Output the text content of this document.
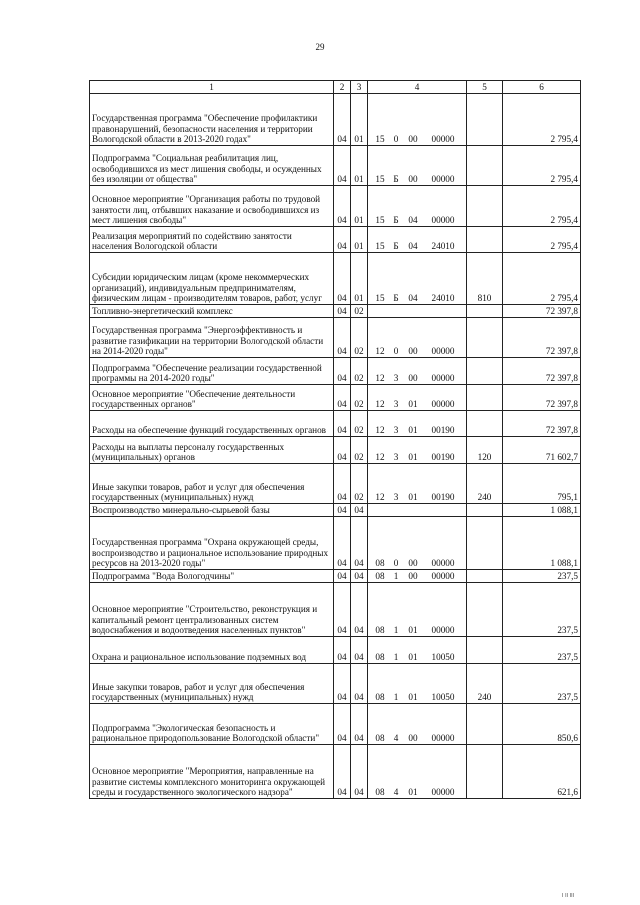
29
1	2	3	4	5	6
Государственная программа "Обеспечение профилактики правонарушений, безопасности населения и территории Вологодской области в 2013-2020 годах"	04	01	15 0 00 00000		2 795,4
Подпрограмма "Социальная реабилитация лиц, освободившихся из мест лишения свободы, и осужденных без изоляции от общества"	04	01	15 Б 00 00000		2 795,4
Основное мероприятие "Организация работы по трудовой занятости лиц, отбывших наказание и освободившихся из мест лишения свободы"	04	01	15 Б 04 00000		2 795,4
Реализация мероприятий по содействию занятости населения Вологодской области	04	01	15 Б 04 24010		2 795,4
Субсидии юридическим лицам (кроме некоммерческих организаций), индивидуальным предпринимателям, физическим лицам - производителям товаров, работ, услуг	04	01	15 Б 04 24010	810	2 795,4
Топливно-энергетический комплекс	04	02			72 397,8
Государственная программа "Энергоэффективность и развитие газификации на территории Вологодской области на 2014-2020 годы"	04	02	12 0 00 00000		72 397,8
Подпрограмма "Обеспечение реализации государственной программы на 2014-2020 годы"	04	02	12 3 00 00000		72 397,8
Основное мероприятие "Обеспечение деятельности государственных органов"	04	02	12 3 01 00000		72 397,8
Расходы на обеспечение функций государственных органов	04	02	12 3 01 00190		72 397,8
Расходы на выплаты персоналу государственных (муниципальных) органов	04	02	12 3 01 00190	120	71 602,7
Иные закупки товаров, работ и услуг для обеспечения государственных (муниципальных) нужд	04	02	12 3 01 00190	240	795,1
Воспроизводство минерально-сырьевой базы	04	04			1 088,1
Государственная программа "Охрана окружающей среды, воспроизводство и рациональное использование природных ресурсов на 2013-2020 годы"	04	04	08 0 00 00000		1 088,1
Подпрограмма "Вода Вологодчины"	04	04	08 1 00 00000		237,5
Основное мероприятие "Строительство, реконструкция и капитальный ремонт централизованных систем водоснабжения и водоотведения населенных пунктов"	04	04	08 1 01 00000		237,5
Охрана и рациональное использование подземных вод	04	04	08 1 01 10050		237,5
Иные закупки товаров, работ и услуг для обеспечения государственных (муниципальных) нужд	04	04	08 1 01 10050	240	237,5
Подпрограмма "Экологическая безопасность и рациональное природопользование Вологодской области"	04	04	08 4 00 00000		850,6
Основное мероприятие "Мероприятия, направленные на развитие системы комплексного мониторинга окружающей среды и государственного экологического надзора"	04	04	08 4 01 00000		621,6
I II III
